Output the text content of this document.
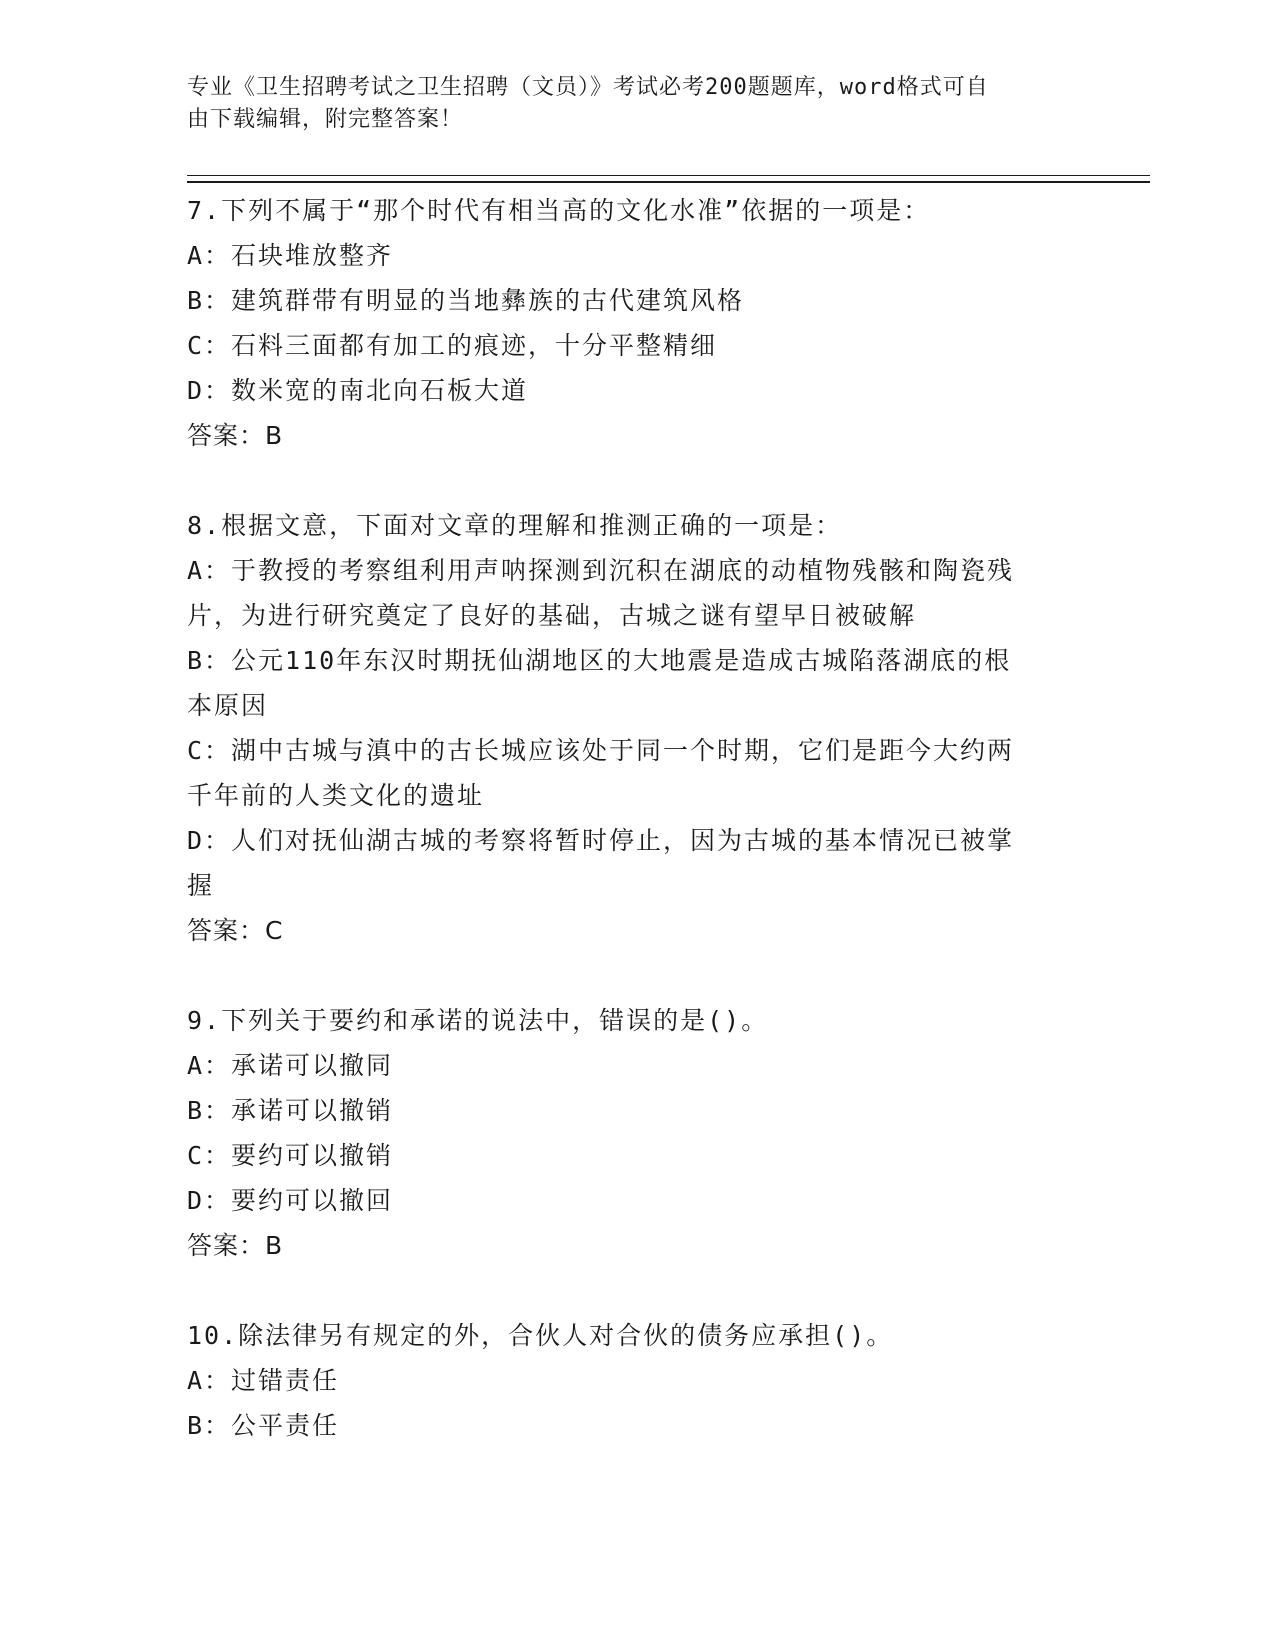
专业《卫生招聘考试之卫生招聘（文员）》考试必考200题题库，word格式可自
由下载编辑，附完整答案！
7.下列不属于“那个时代有相当高的文化水准”依据的一项是：
A：石块堆放整齐
B：建筑群带有明显的当地彝族的古代建筑风格
C：石料三面都有加工的痕迹，十分平整精细
D：数米宽的南北向石板大道
答案：B
8.根据文意，下面对文章的理解和推测正确的一项是：
A：于教授的考察组利用声呐探测到沉积在湖底的动植物残骸和陶瓷残
片，为进行研究奠定了良好的基础，古城之谜有望早日被破解
B：公元110年东汉时期抚仙湖地区的大地震是造成古城陷落湖底的根
本原因
C：湖中古城与滇中的古长城应该处于同一个时期，它们是距今大约两
千年前的人类文化的遗址
D：人们对抚仙湖古城的考察将暂时停止，因为古城的基本情况已被掌
握
答案：C
9.下列关于要约和承诺的说法中，错误的是()。
A：承诺可以撤同
B：承诺可以撤销
C：要约可以撤销
D：要约可以撤回
答案：B
10.除法律另有规定的外，合伙人对合伙的债务应承担()。
A：过错责任
B：公平责任
